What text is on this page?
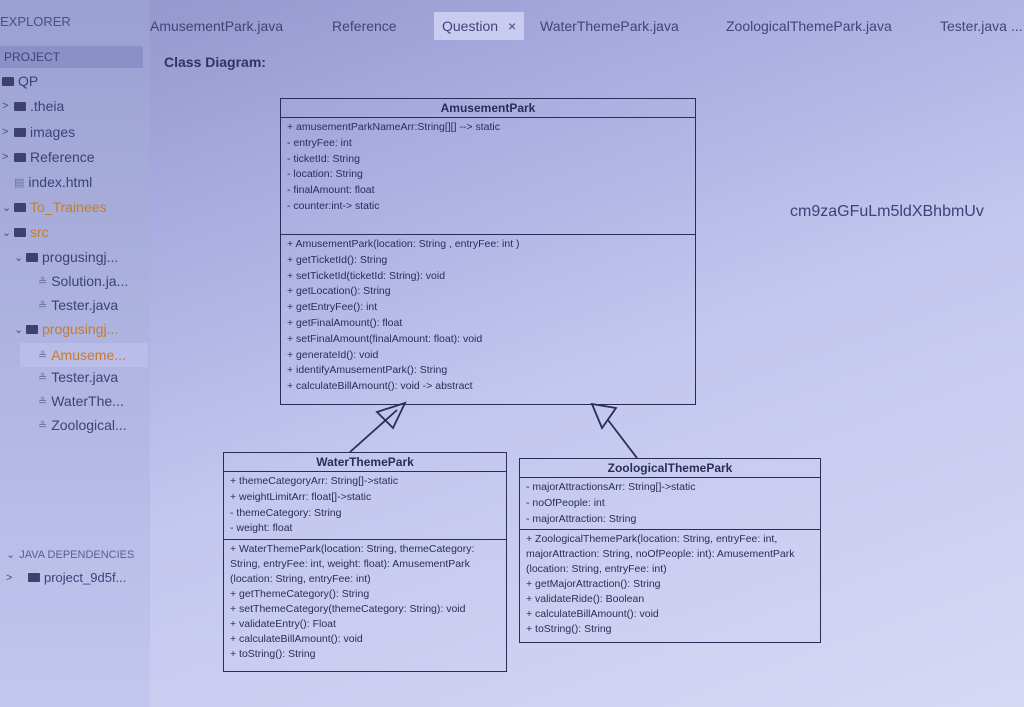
EXPLORER
PROJECT
QP
>	.theia
>	images
>	Reference
▤ index.html
⌄ To_Trainees
⌄ src
⌄ progusingj...
≗ Solution.ja...
≗ Tester.java
⌄ progusingj...
≗ Amuseme...
≗ Tester.java
≗ WaterThe...
≗ Zoological...
⌄ JAVA DEPENDENCIES
>	project_9d5f...
AmusementPark.java	Reference	Question ×	WaterThemePark.java	ZoologicalThemePark.java	Tester.java ...
Class Diagram:
cm9zaGFuLm5ldXBhbmUv
AmusementPark
+ amusementParkNameArr:String[][] --> static
- entryFee: int
- ticketId: String
- location: String
- finalAmount: float
- counter:int-> static
+ AmusementPark(location: String , entryFee: int )
+ getTicketId(): String
+ setTicketId(ticketId: String): void
+ getLocation(): String
+ getEntryFee(): int
+ getFinalAmount(): float
+ setFinalAmount(finalAmount: float): void
+ generateId(): void
+ identifyAmusementPark(): String
+ calculateBillAmount(): void -> abstract
WaterThemePark
+ themeCategoryArr: String[]->static
+ weightLimitArr: float[]->static
- themeCategory: String
- weight: float
+ WaterThemePark(location: String, themeCategory: String, entryFee: int, weight: float): AmusementPark (location: String, entryFee: int)
+ getThemeCategory(): String
+ setThemeCategory(themeCategory: String): void
+ validateEntry(): Float
+ calculateBillAmount(): void
+ toString(): String
ZoologicalThemePark
- majorAttractionsArr: String[]->static
- noOfPeople: int
- majorAttraction: String
+ ZoologicalThemePark(location: String, entryFee: int, majorAttraction: String, noOfPeople: int): AmusementPark (location: String, entryFee: int)
+ getMajorAttraction(): String
+ validateRide(): Boolean
+ calculateBillAmount(): void
+ toString(): String
